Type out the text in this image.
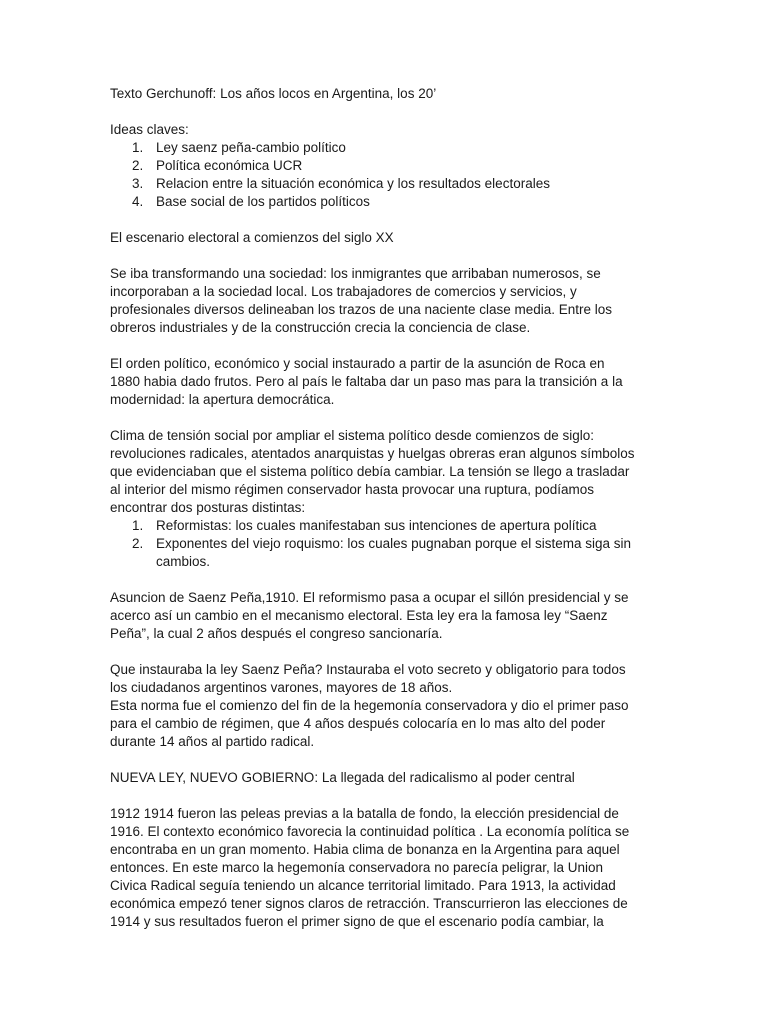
Texto Gerchunoff: Los años locos en Argentina, los 20’
Ideas claves:
1. Ley saenz peña-cambio político
2. Política económica UCR
3. Relacion entre la situación económica y los resultados electorales
4. Base social de los partidos políticos
El escenario electoral a comienzos del siglo XX
Se iba transformando una sociedad: los inmigrantes que arribaban numerosos, se
incorporaban a la sociedad local. Los trabajadores de comercios y servicios, y
profesionales diversos delineaban los trazos de una naciente clase media. Entre los
obreros industriales y de la construcción crecia la conciencia de clase.
El orden político, económico y social instaurado a partir de la asunción de Roca en
1880 habia dado frutos. Pero al país le faltaba dar un paso mas para la transición a la
modernidad: la apertura democrática.
Clima de tensión social por ampliar el sistema político desde comienzos de siglo:
revoluciones radicales, atentados anarquistas y huelgas obreras eran algunos símbolos
que evidenciaban que el sistema político debía cambiar. La tensión se llego a trasladar
al interior del mismo régimen conservador hasta provocar una ruptura, podíamos
encontrar dos posturas distintas:
1. Reformistas: los cuales manifestaban sus intenciones de apertura política
2. Exponentes del viejo roquismo: los cuales pugnaban porque el sistema siga sin
cambios.
Asuncion de Saenz Peña,1910. El reformismo pasa a ocupar el sillón presidencial y se
acerco así un cambio en el mecanismo electoral. Esta ley era la famosa ley “Saenz
Peña”, la cual 2 años después el congreso sancionaría.
Que instauraba la ley Saenz Peña? Instauraba el voto secreto y obligatorio para todos
los ciudadanos argentinos varones, mayores de 18 años.
Esta norma fue el comienzo del fin de la hegemonía conservadora y dio el primer paso
para el cambio de régimen, que 4 años después colocaría en lo mas alto del poder
durante 14 años al partido radical.
NUEVA LEY, NUEVO GOBIERNO: La llegada del radicalismo al poder central
1912 1914 fueron las peleas previas a la batalla de fondo, la elección presidencial de
1916. El contexto económico favorecia la continuidad política . La economía política se
encontraba en un gran momento. Habia clima de bonanza en la Argentina para aquel
entonces. En este marco la hegemonía conservadora no parecía peligrar, la Union
Civica Radical seguía teniendo un alcance territorial limitado. Para 1913, la actividad
económica empezó tener signos claros de retracción. Transcurrieron las elecciones de
1914 y sus resultados fueron el primer signo de que el escenario podía cambiar, la
